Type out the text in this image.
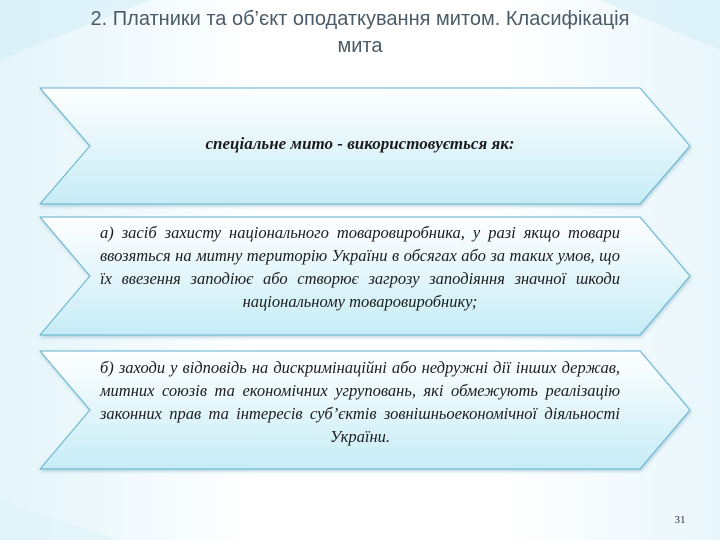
2. Платники та об’єкт оподаткування митом. Класифікація
мита
спеціальне мито - використовується як:
а) засіб захисту національного товаровиробника, у разі якщо товари ввозяться на митну територію України в обсягах або за таких умов, що їх ввезення заподіює або створює загрозу заподіяння значної шкоди національному товаровиробнику;
б) заходи у відповідь на дискримінаційні або недружні дії інших держав, митних союзів та економічних угруповань, які обмежують реалізацію законних прав та інтересів суб’єктів зовнішньоекономічної діяльності України.
31
